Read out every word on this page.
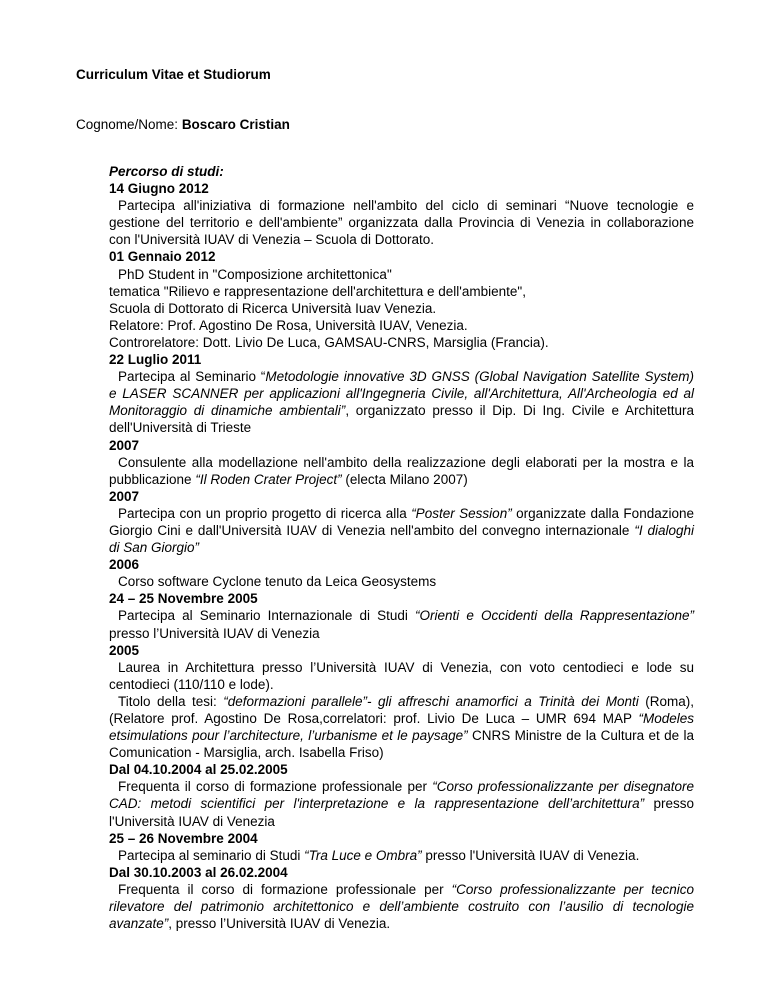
Curriculum Vitae et Studiorum

Cognome/Nome: Boscaro Cristian

Percorso di studi:

14 Giugno 2012

Partecipa all'iniziativa di formazione nell'ambito del ciclo di seminari “Nuove tecnologie e gestione del territorio e dell'ambiente” organizzata dalla Provincia di Venezia in collaborazione con l'Università IUAV di Venezia – Scuola di Dottorato.

01 Gennaio 2012

PhD Student in "Composizione architettonica"

tematica "Rilievo e rappresentazione dell'architettura e dell'ambiente",

Scuola di Dottorato di Ricerca Università Iuav Venezia.

Relatore: Prof. Agostino De Rosa, Università IUAV, Venezia.

Controrelatore: Dott. Livio De Luca, GAMSAU-CNRS, Marsiglia (Francia).

22 Luglio 2011

Partecipa al Seminario “Metodologie innovative 3D GNSS (Global Navigation Satellite System) e LASER SCANNER per applicazioni all'Ingegneria Civile, all'Architettura, All'Archeologia ed al Monitoraggio di dinamiche ambientali”, organizzato presso il Dip. Di Ing. Civile e Architettura dell'Università di Trieste

2007

Consulente alla modellazione nell'ambito della realizzazione degli elaborati per la mostra e la pubblicazione “Il Roden Crater Project” (electa Milano 2007)

2007

Partecipa con un proprio progetto di ricerca alla “Poster Session” organizzate dalla Fondazione Giorgio Cini e dall'Università IUAV di Venezia nell'ambito del convegno internazionale “I dialoghi di San Giorgio”

2006

Corso software Cyclone tenuto da Leica Geosystems

24 – 25 Novembre 2005

Partecipa al Seminario Internazionale di Studi “Orienti e Occidenti della Rappresentazione” presso l’Università IUAV di Venezia

2005

Laurea in Architettura presso l’Università IUAV di Venezia, con voto centodieci e lode su centodieci (110/110 e lode).

Titolo della tesi: “deformazioni parallele”- gli affreschi anamorfici a Trinità dei Monti (Roma), (Relatore prof. Agostino De Rosa,correlatori: prof. Livio De Luca – UMR 694 MAP “Modeles etsimulations pour l’architecture, l’urbanisme et le paysage” CNRS Ministre de la Cultura et de la Comunication - Marsiglia, arch. Isabella Friso)

Dal 04.10.2004 al 25.02.2005

Frequenta il corso di formazione professionale per “Corso professionalizzante per disegnatore CAD: metodi scientifici per l'interpretazione e la rappresentazione dell’architettura” presso l'Università IUAV di Venezia

25 – 26 Novembre 2004

Partecipa al seminario di Studi “Tra Luce e Ombra” presso l'Università IUAV di Venezia.

Dal 30.10.2003 al 26.02.2004

Frequenta il corso di formazione professionale per “Corso professionalizzante per tecnico rilevatore del patrimonio architettonico e dell’ambiente costruito con l’ausilio di tecnologie avanzate”, presso l’Università IUAV di Venezia.
